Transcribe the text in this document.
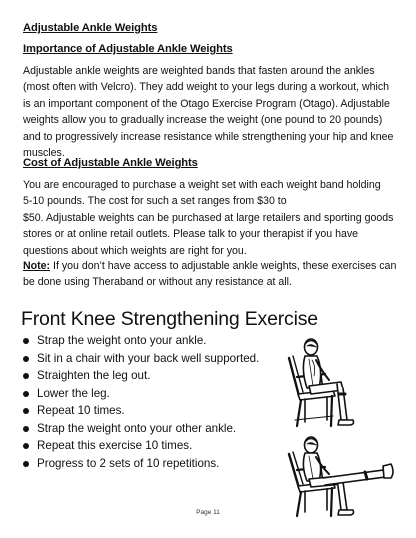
Adjustable Ankle Weights
Importance of Adjustable Ankle Weights

Adjustable ankle weights are weighted bands that fasten around the ankles
(most often with Velcro). They add weight to your legs during a workout, which
is an important component of the Otago Exercise Program (Otago). Adjustable
weights allow you to gradually increase the weight (one pound to 20 pounds)
and to progressively increase resistance while strengthening your hip and knee
muscles.

Cost of Adjustable Ankle Weights

You are encouraged to purchase a weight set with each weight band holding
5-10 pounds. The cost for such a set ranges from $30 to
$50. Adjustable weights can be purchased at large retailers and sporting goods
stores or at online retail outlets. Please talk to your therapist if you have
questions about which weights are right for you.

Note: If you don’t have access to adjustable ankle weights, these exercises can
be done using Theraband or without any resistance at all.

Front Knee Strengthening Exercise
Strap the weight onto your ankle.
Sit in a chair with your back well supported.
Straighten the leg out.
Lower the leg.
Repeat 10 times.
Strap the weight onto your other ankle.
Repeat this exercise 10 times.
Progress to 2 sets of 10 repetitions.
Page 11
